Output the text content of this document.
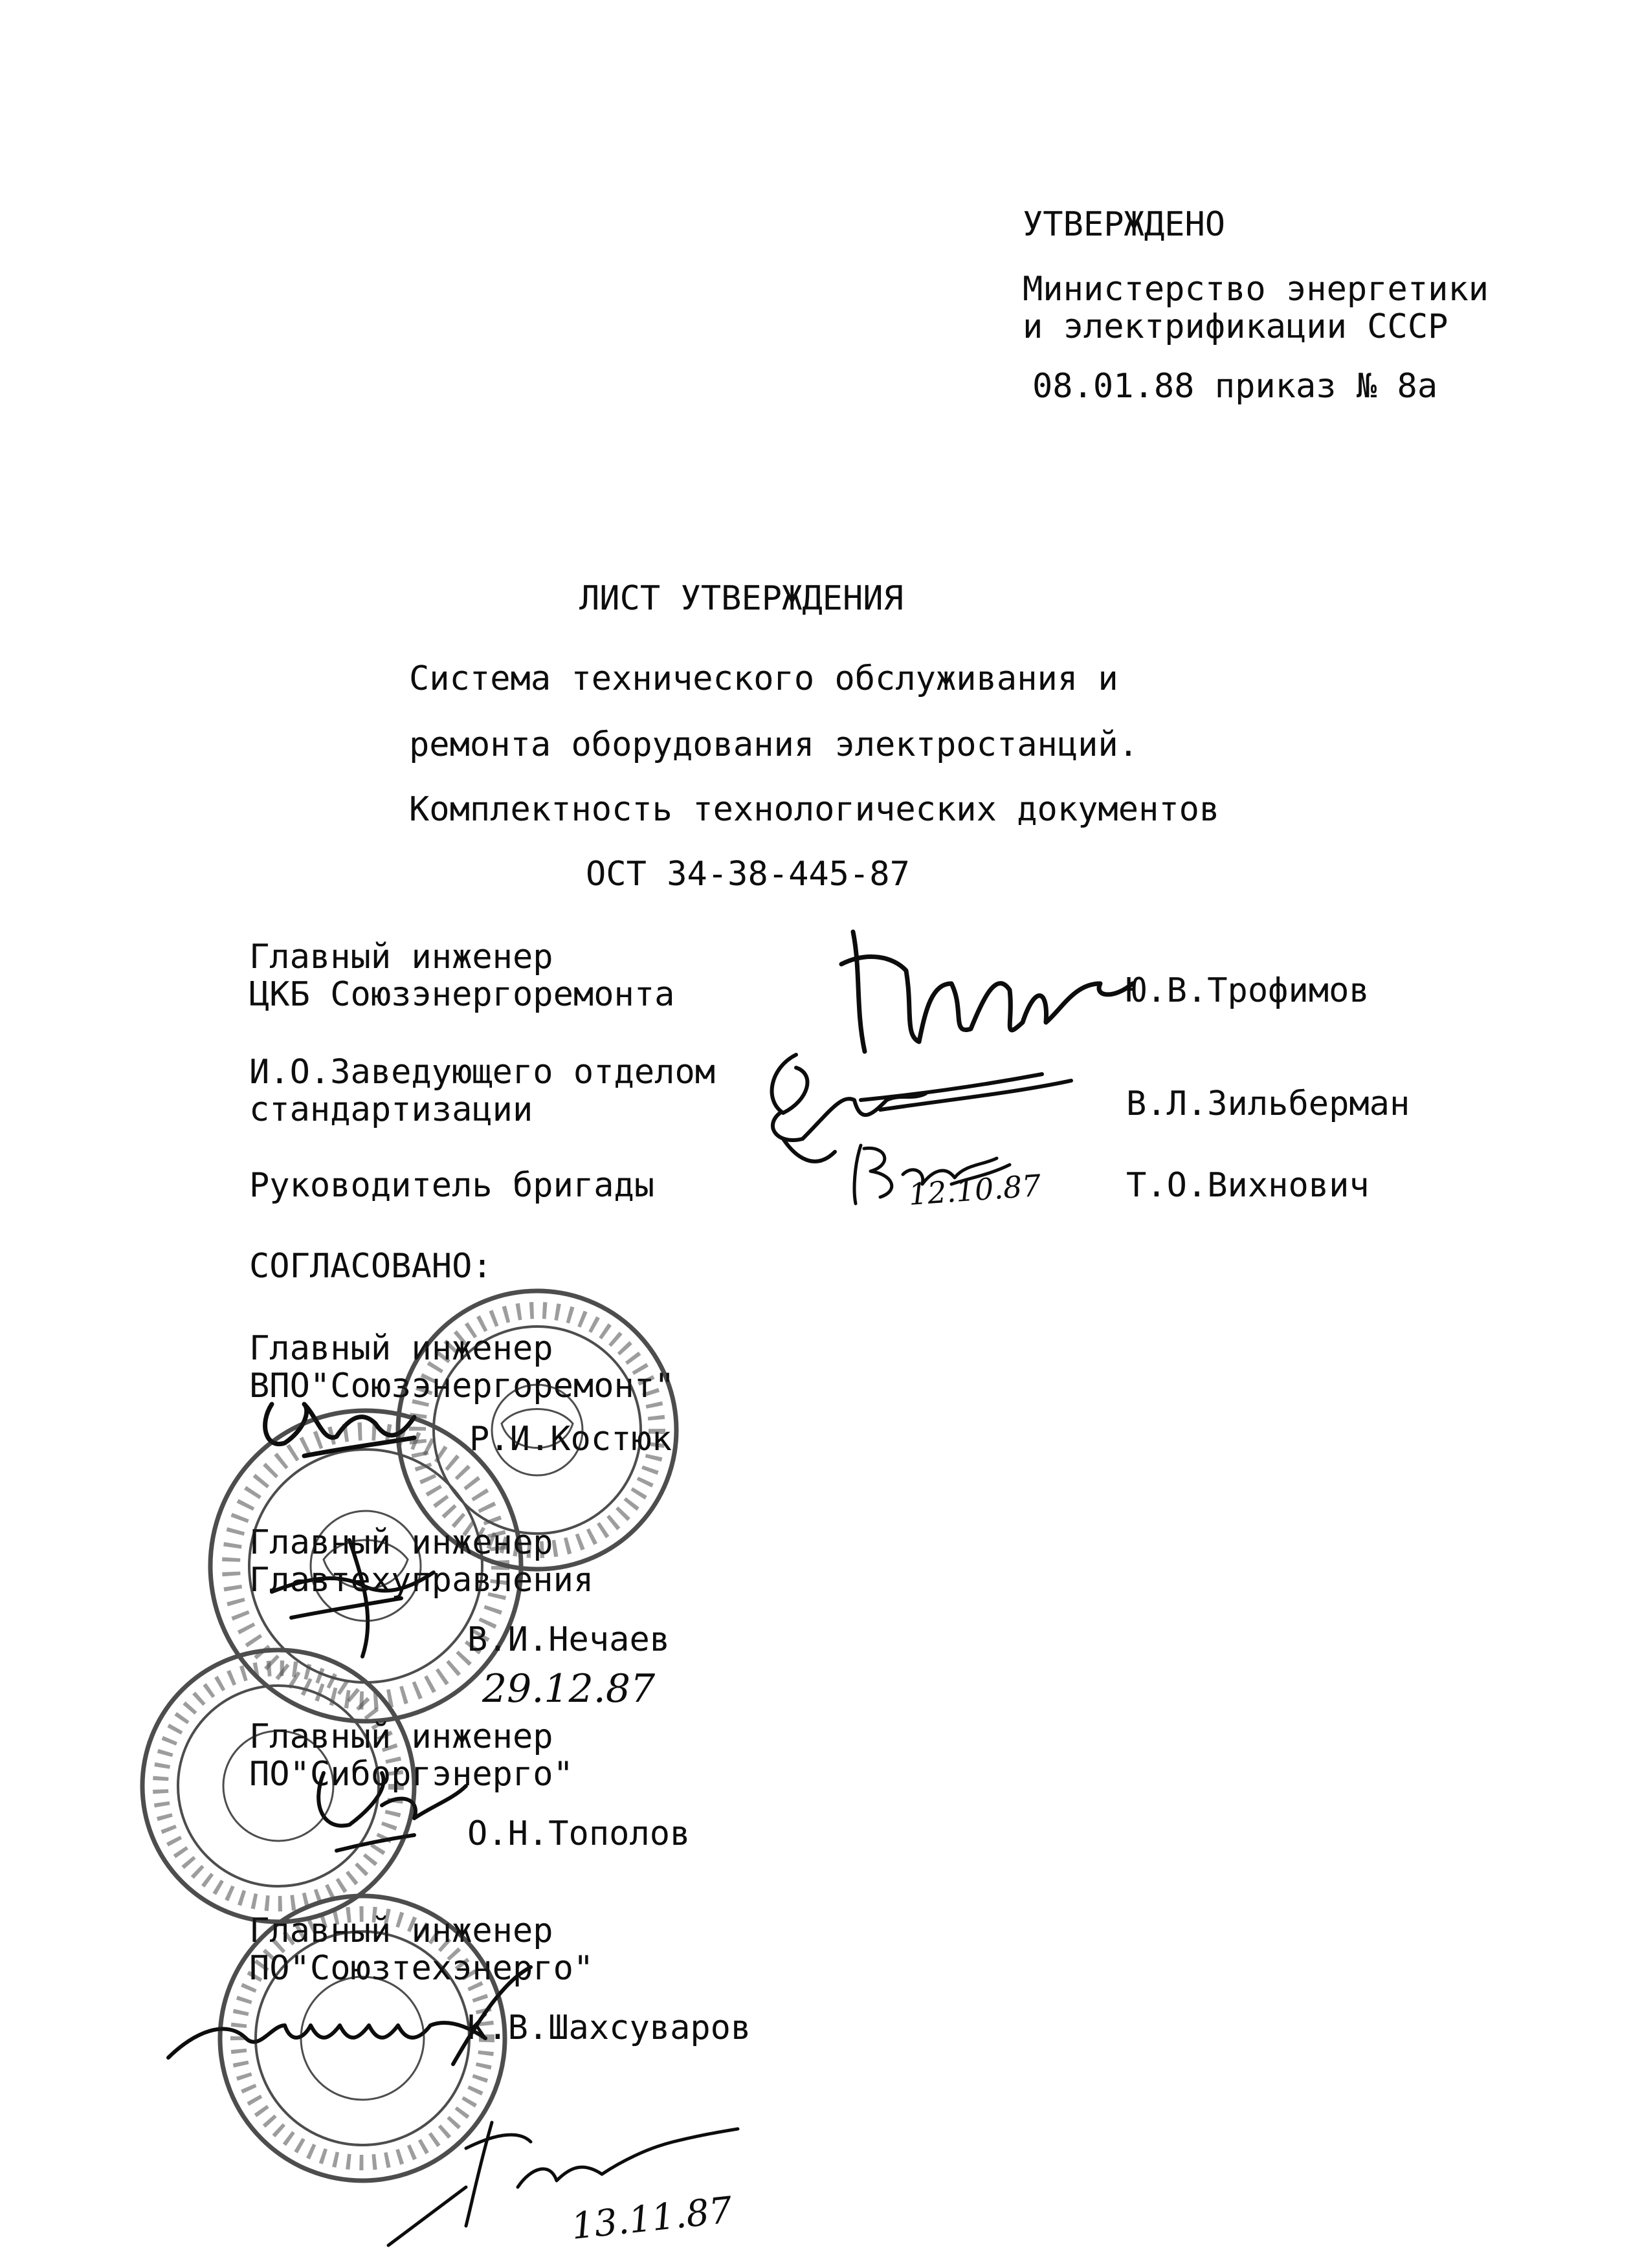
УТВЕРЖДЕНО
Министерство энергетики
и электрификации СССР
08.01.88 приказ № 8а
ЛИСТ УТВЕРЖДЕНИЯ
Система технического обслуживания и
ремонта оборудования электростанций.
Комплектность технологических документов
ОСТ 34-38-445-87
Главный инженер
ЦКБ Союзэнергоремонта	Ю.В.Трофимов
И.О.Заведующего отделом
стандартизации	В.Л.Зильберман
Руководитель бригады	Т.О.Вихнович
СОГЛАСОВАНО:
Главный инженер
ВПО"Союзэнергоремонт"
Р.И.Костюк
Главный инженер
Главтехуправления
В.И.Нечаев
Главный инженер
ПО"Сиборгэнерго"
О.Н.Тополов
Главный инженер
ПО"Союзтехэнерго"
К.В.Шахсуваров
12.10.87
29.12.87
13.11.87
